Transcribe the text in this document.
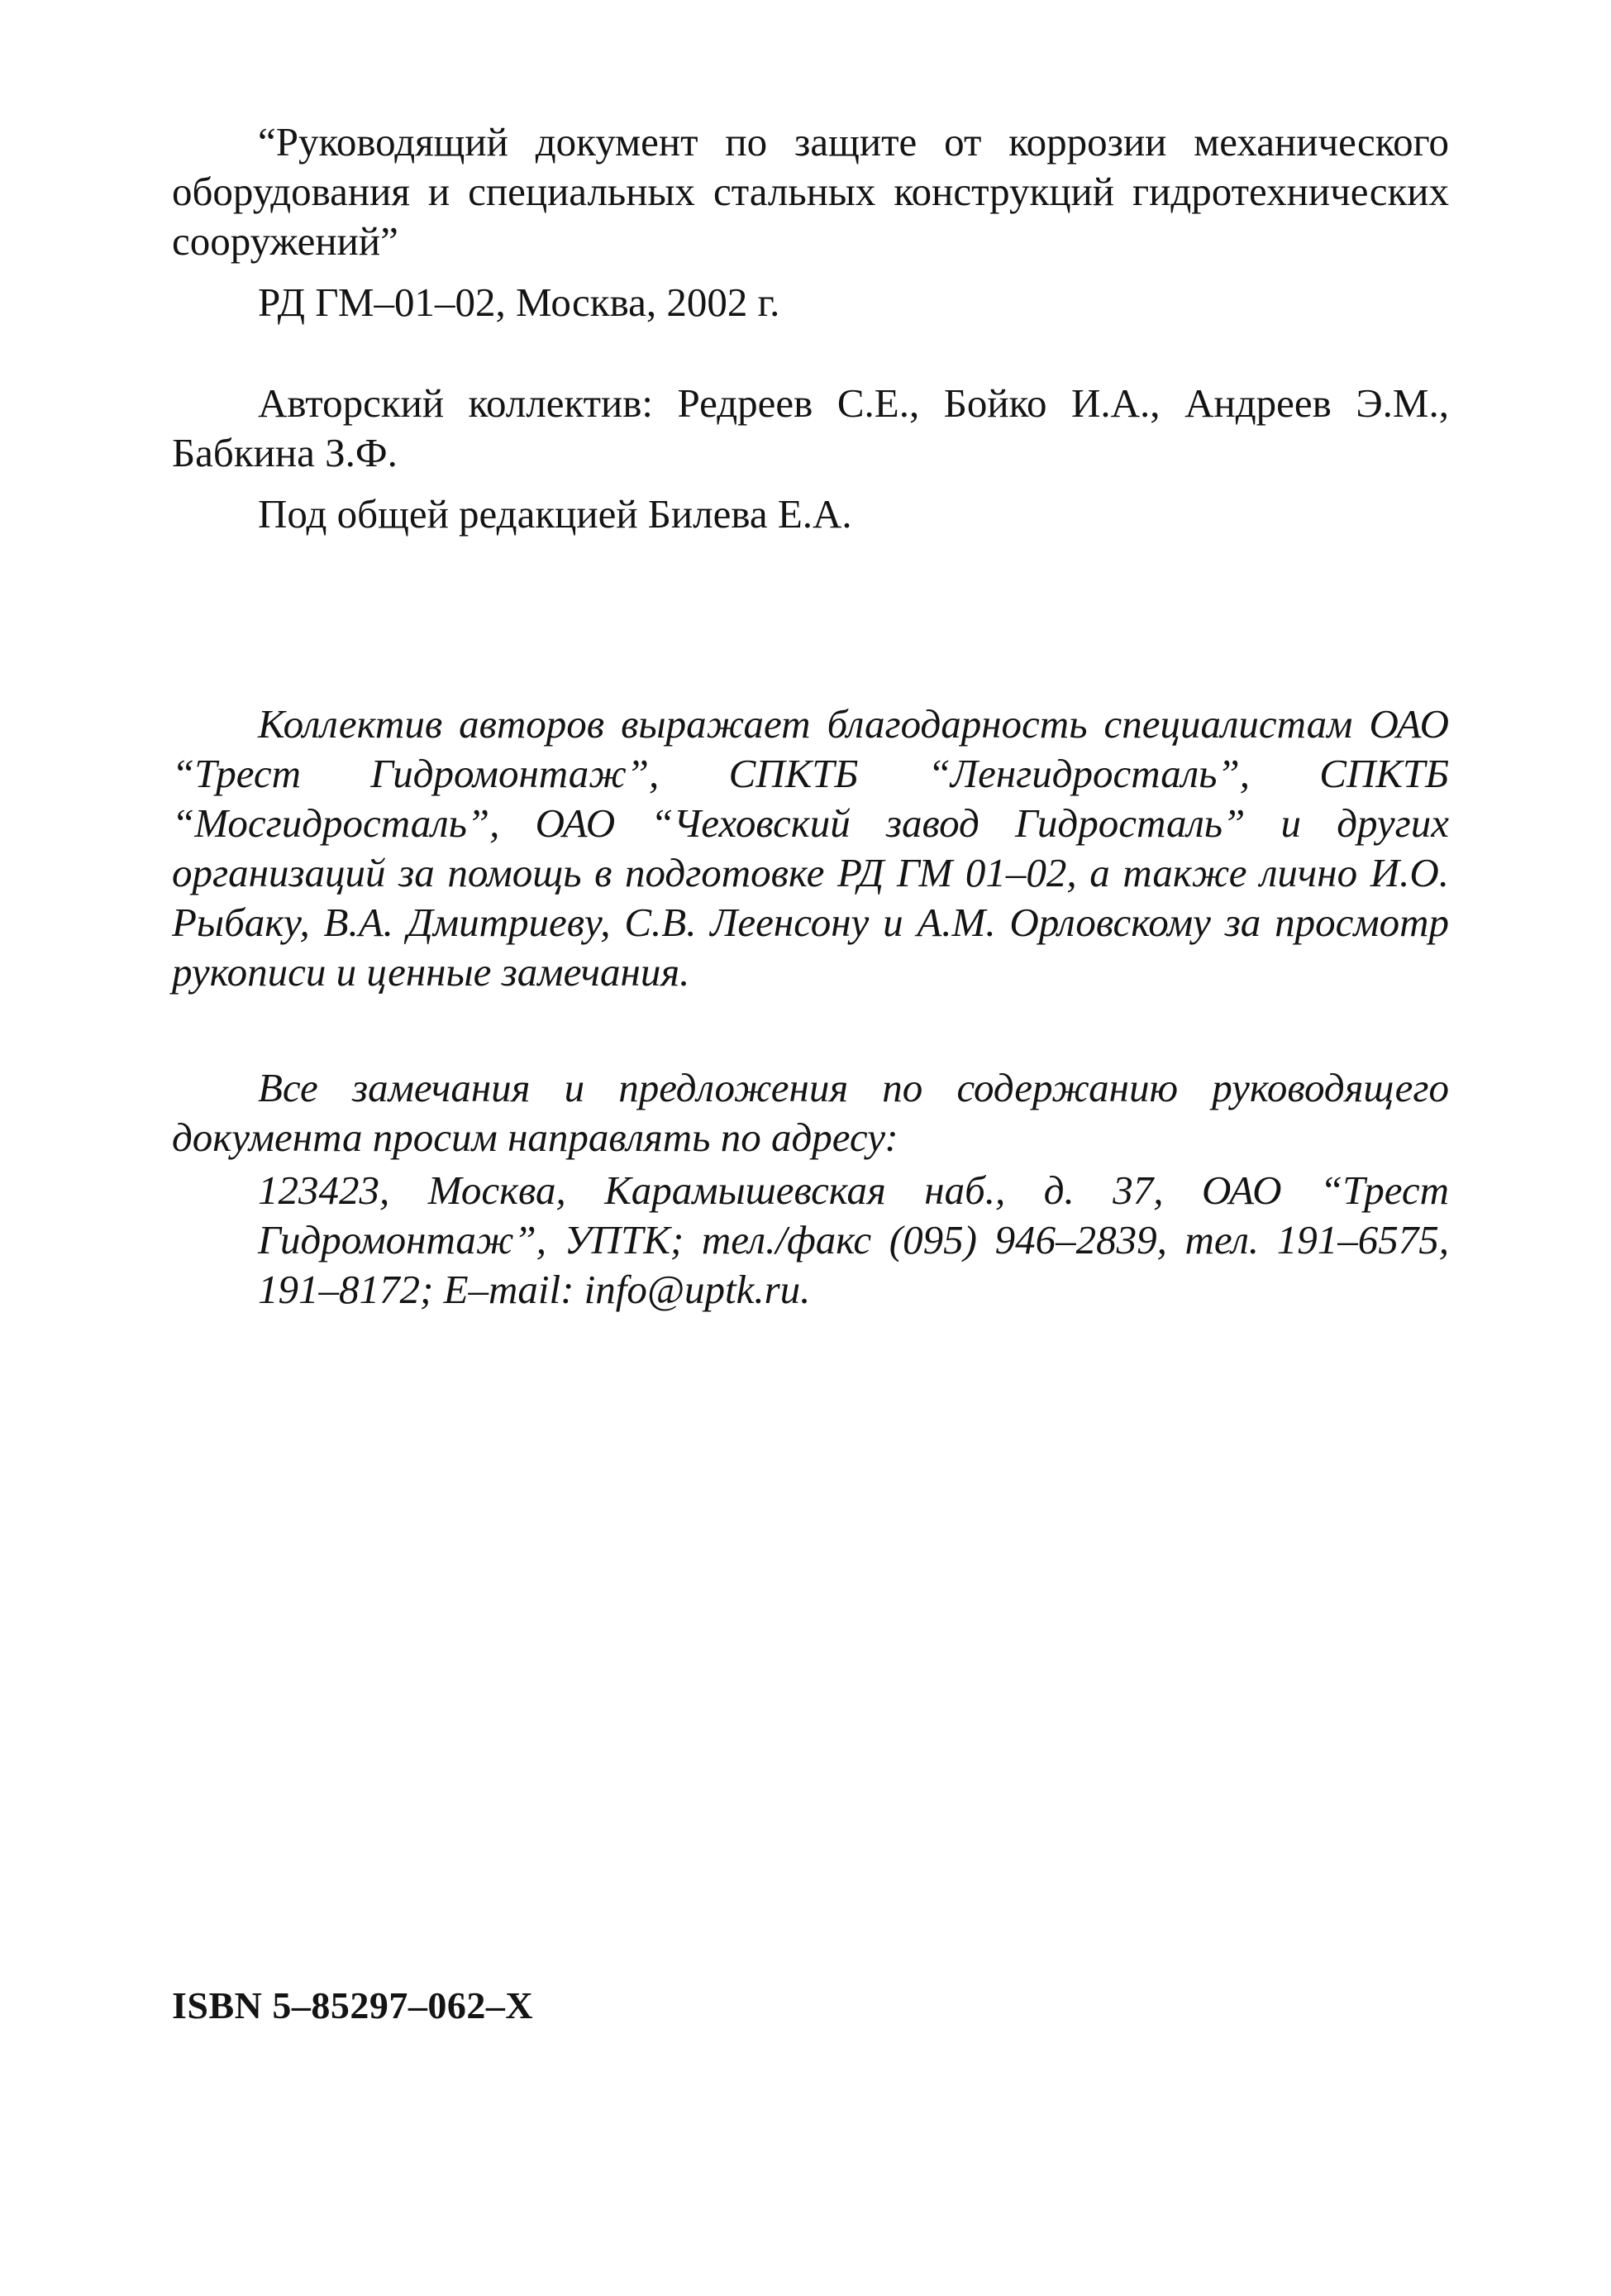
“Руководящий документ по защите от коррозии механического оборудования и специальных стальных конструкций гидротехнических сооружений”

РД ГМ–01–02, Москва, 2002 г.

Авторский коллектив: Редреев С.Е., Бойко И.А., Андреев Э.М., Бабкина З.Ф.

Под общей редакцией Билева Е.А.

Коллектив авторов выражает благодарность специалистам ОАО “Трест Гидромонтаж”, СПКТБ “Ленгидросталь”, СПКТБ “Мосгидросталь”, ОАО “Чеховский завод Гидросталь” и других организаций за помощь в подготовке РД ГМ 01–02, а также лично И.О. Рыбаку, В.А. Дмитриеву, С.В. Леенсону и А.М. Орловскому за просмотр рукописи и ценные замечания.

Все замечания и предложения по содержанию руководящего документа просим направлять по адресу:

123423, Москва, Карамышевская наб., д. 37, ОАО “Трест Гидромонтаж”, УПТК; тел./факс (095) 946–2839, тел. 191–6575, 191–8172; E–mail: info@uptk.ru.

ISBN 5–85297–062–X
